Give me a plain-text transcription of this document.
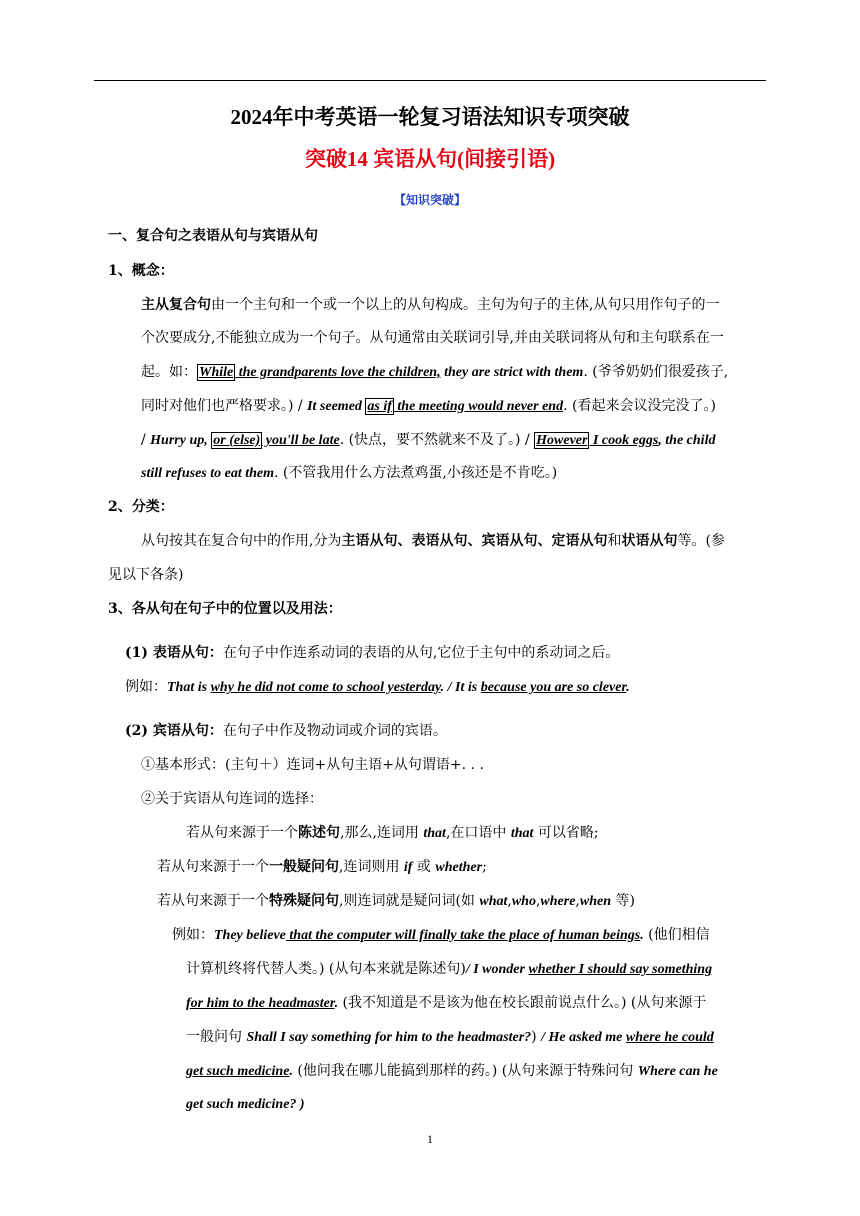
2024年中考英语一轮复习语法知识专项突破
突破14 宾语从句(间接引语)
【知识突破】
一、复合句之表语从句与宾语从句
1、概念：
主从复合句由一个主句和一个或一个以上的从句构成。主句为句子的主体,从句只用作句子的一
个次要成分,不能独立成为一个句子。从句通常由关联词引导,并由关联词将从句和主句联系在一
起。如： While the grandparents love the children, they are strict with them. (爷爷奶奶们很爱孩子,
同时对他们也严格要求。) / It seemed as if the meeting would never end. (看起来会议没完没了。)
/ Hurry up, or (else) you'll be late. (快点，要不然就来不及了。) / However I cook eggs, the child
still refuses to eat them. (不管我用什么方法煮鸡蛋,小孩还是不肯吃。)
2、分类：
从句按其在复合句中的作用,分为主语从句、表语从句、宾语从句、定语从句和状语从句等。(参
见以下各条)
3、各从句在句子中的位置以及用法：
(1) 表语从句：在句子中作连系动词的表语的从句,它位于主句中的系动词之后。
例如：That is why he did not come to school yesterday. / It is because you are so clever.
(2) 宾语从句：在句子中作及物动词或介词的宾语。
①基本形式：(主句＋）连词+从句主语+从句谓语+. . .
②关于宾语从句连词的选择：
若从句来源于一个陈述句,那么,连词用 that,在口语中 that 可以省略;
若从句来源于一个一般疑问句,连词则用 if 或 whether;
若从句来源于一个特殊疑问句,则连词就是疑问词(如 what,who,where,when 等)
例如：They believe that the computer will finally take the place of human beings. (他们相信
计算机终将代替人类。) (从句本来就是陈述句)/ I wonder whether I should say something
for him to the headmaster. (我不知道是不是该为他在校长跟前说点什么。) (从句来源于
一般问句 Shall I say something for him to the headmaster?) / He asked me where he could
get such medicine. (他问我在哪儿能搞到那样的药。) (从句来源于特殊问句 Where can he
get such medicine? )
1
